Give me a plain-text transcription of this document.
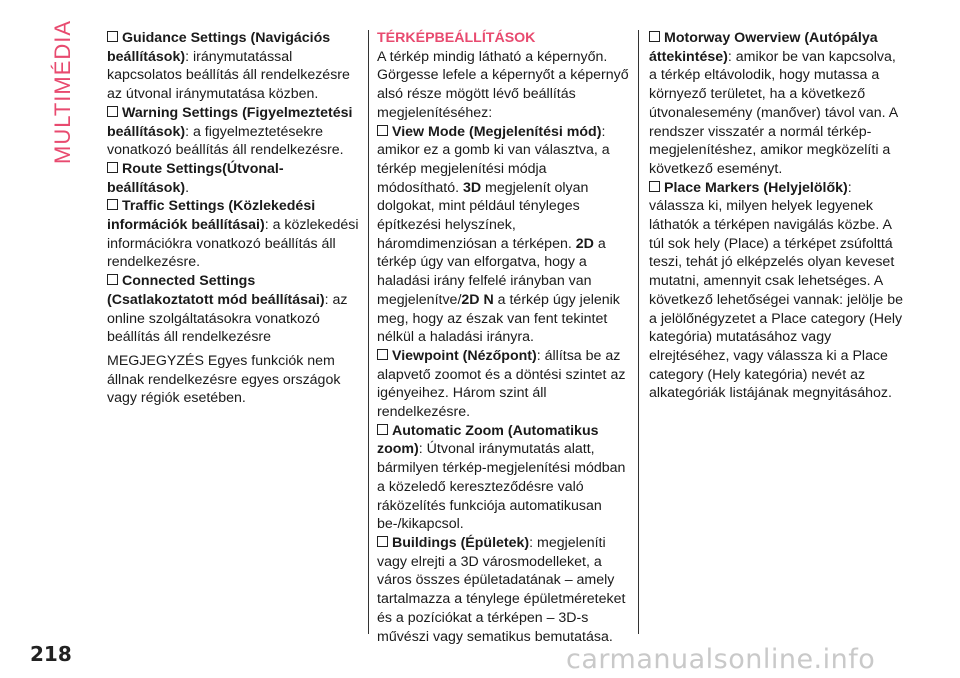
MULTIMÉDIA	Guidance Settings (Navigációs beállítások): iránymutatással kapcsolatos beállítás áll rendelkezésre az útvonal iránymutatása közben.

Warning Settings (Figyelmeztetési beállítások): a figyelmeztetésekre vonatkozó beállítás áll rendelkezésre.

Route Settings(Útvonal-beállítások).

Traffic Settings (Közlekedési információk beállításai): a közlekedési információkra vonatkozó beállítás áll rendelkezésre.

Connected Settings (Csatlakoztatott mód beállításai): az online szolgáltatásokra vonatkozó beállítás áll rendelkezésre

MEGJEGYZÉS Egyes funkciók nem állnak rendelkezésre egyes országok vagy régiók esetében.

TÉRKÉPBEÁLLÍTÁSOK

A térkép mindig látható a képernyőn. Görgesse lefele a képernyőt a képernyő alsó része mögött lévő beállítás megjelenítéséhez:

View Mode (Megjelenítési mód): amikor ez a gomb ki van választva, a térkép megjelenítési módja módosítható. 3D megjelenít olyan dolgokat, mint például tényleges építkezési helyszínek, háromdimenziósan a térképen. 2D a térkép úgy van elforgatva, hogy a haladási irány felfelé irányban van megjelenítve/2D N a térkép úgy jelenik meg, hogy az észak van fent tekintet nélkül a haladási irányra.

Viewpoint (Nézőpont): állítsa be az alapvető zoomot és a döntési szintet az igényeihez. Három szint áll rendelkezésre.

Automatic Zoom (Automatikus zoom): Útvonal iránymutatás alatt, bármilyen térkép-megjelenítési módban a közeledő kereszteződésre való ráközelítés funkciója automatikusan be-/kikapcsol.

Buildings (Épületek): megjeleníti vagy elrejti a 3D városmodelleket, a város összes épületadatának – amely tartalmazza a ténylege épületméreteket és a pozíciókat a térképen – 3D-s művészi vagy sematikus bemutatása.

Motorway Owerview (Autópálya áttekintése): amikor be van kapcsolva, a térkép eltávolodik, hogy mutassa a környező területet, ha a következő útvonalesemény (manőver) távol van. A rendszer visszatér a normál térkép-megjelenítéshez, amikor megközelíti a következő eseményt.

Place Markers (Helyjelölők): válassza ki, milyen helyek legyenek láthatók a térképen navigálás közbe. A túl sok hely (Place) a térképet zsúfolttá teszi, tehát jó elképzelés olyan keveset mutatni, amennyit csak lehetséges. A következő lehetőségei vannak: jelölje be a jelölőnégyzetet a Place category (Hely kategória) mutatásához vagy elrejtéséhez, vagy válassza ki a Place category (Hely kategória) nevét az alkategóriák listájának megnyitásához.

218	carmanualsonline.info
